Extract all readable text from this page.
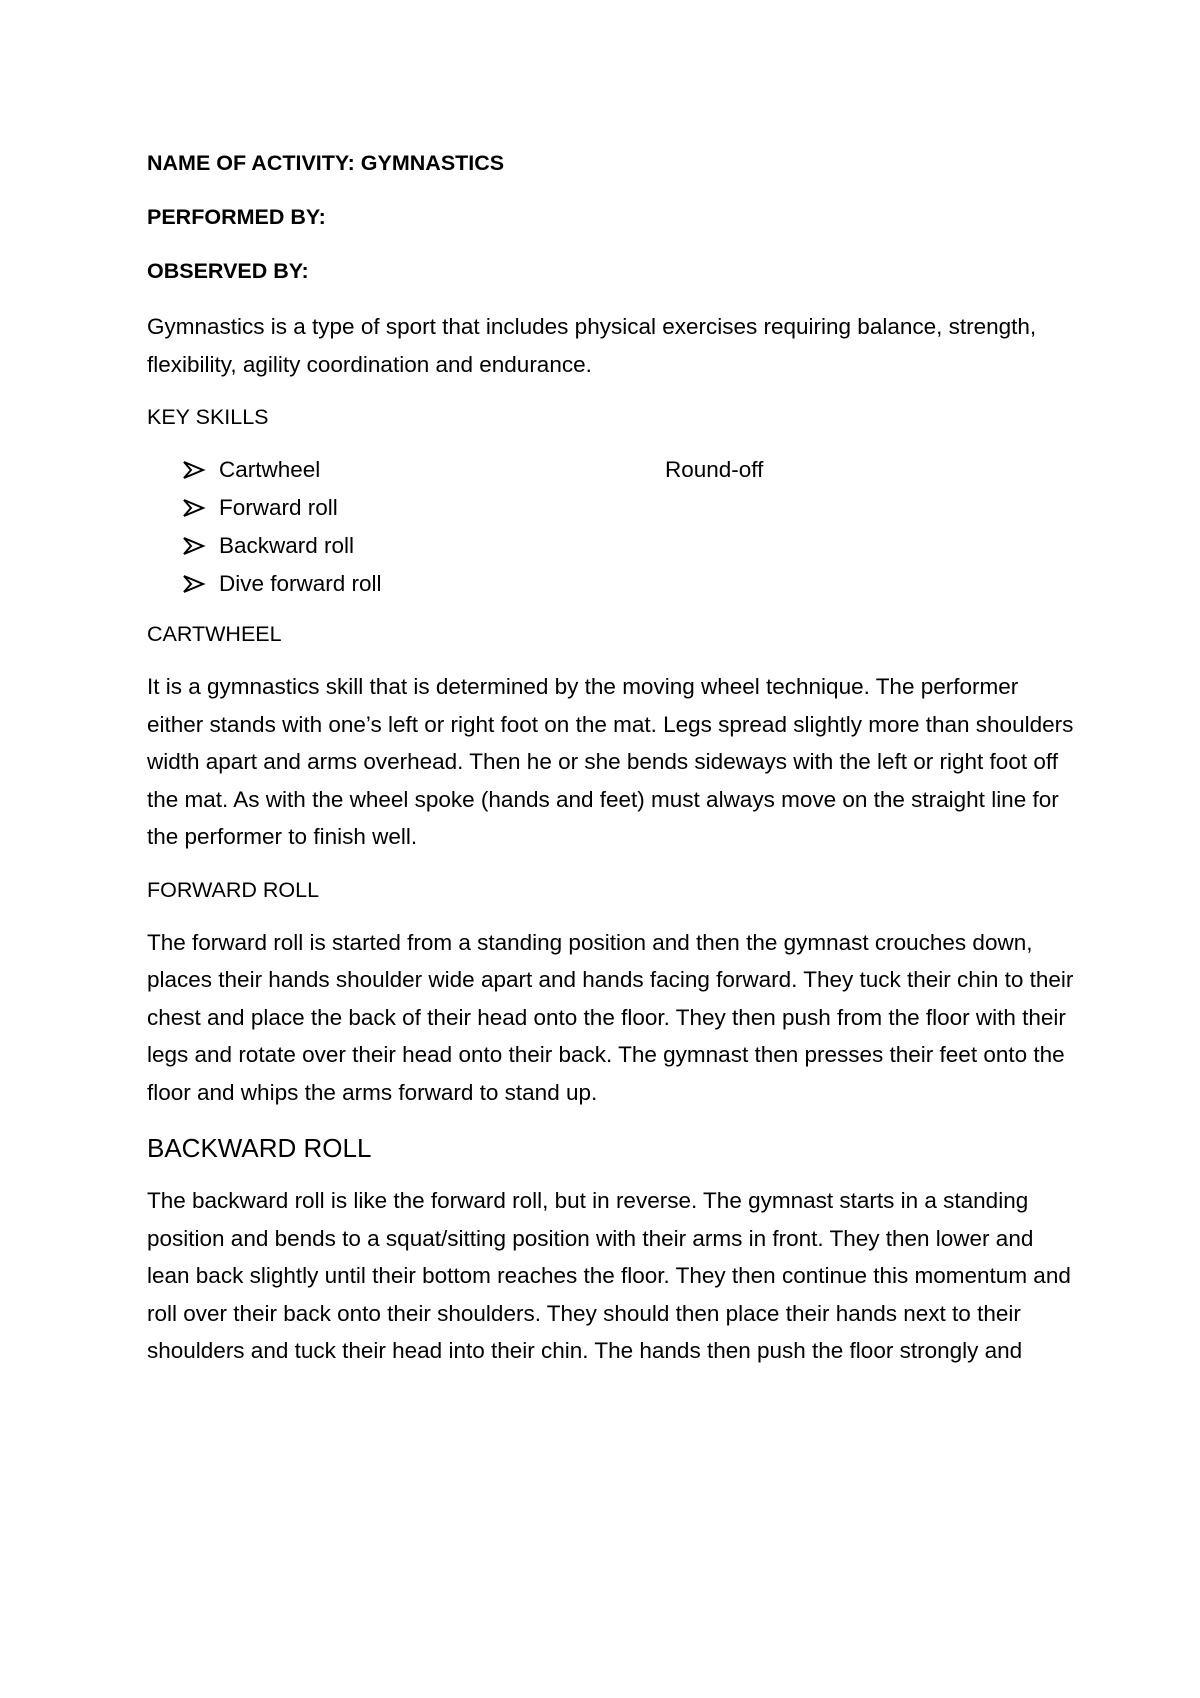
NAME OF ACTIVITY: GYMNASTICS
PERFORMED BY:
OBSERVED BY:

Gymnastics is a type of sport that includes physical exercises requiring balance, strength, flexibility, agility coordination and endurance.

KEY SKILLS
Cartwheel
Forward roll
Backward roll
Dive forward roll
Round-off
CARTWHEEL

It is a gymnastics skill that is determined by the moving wheel technique. The performer either stands with one’s left or right foot on the mat. Legs spread slightly more than shoulders width apart and arms overhead. Then he or she bends sideways with the left or right foot off the mat. As with the wheel spoke (hands and feet) must always move on the straight line for the performer to finish well.

FORWARD ROLL

The forward roll is started from a standing position and then the gymnast crouches down, places their hands shoulder wide apart and hands facing forward. They tuck their chin to their chest and place the back of their head onto the floor. They then push from the floor with their legs and rotate over their head onto their back. The gymnast then presses their feet onto the floor and whips the arms forward to stand up.

BACKWARD ROLL

The backward roll is like the forward roll, but in reverse. The gymnast starts in a standing position and bends to a squat/sitting position with their arms in front. They then lower and lean back slightly until their bottom reaches the floor. They then continue this momentum and roll over their back onto their shoulders. They should then place their hands next to their shoulders and tuck their head into their chin. The hands then push the floor strongly and
